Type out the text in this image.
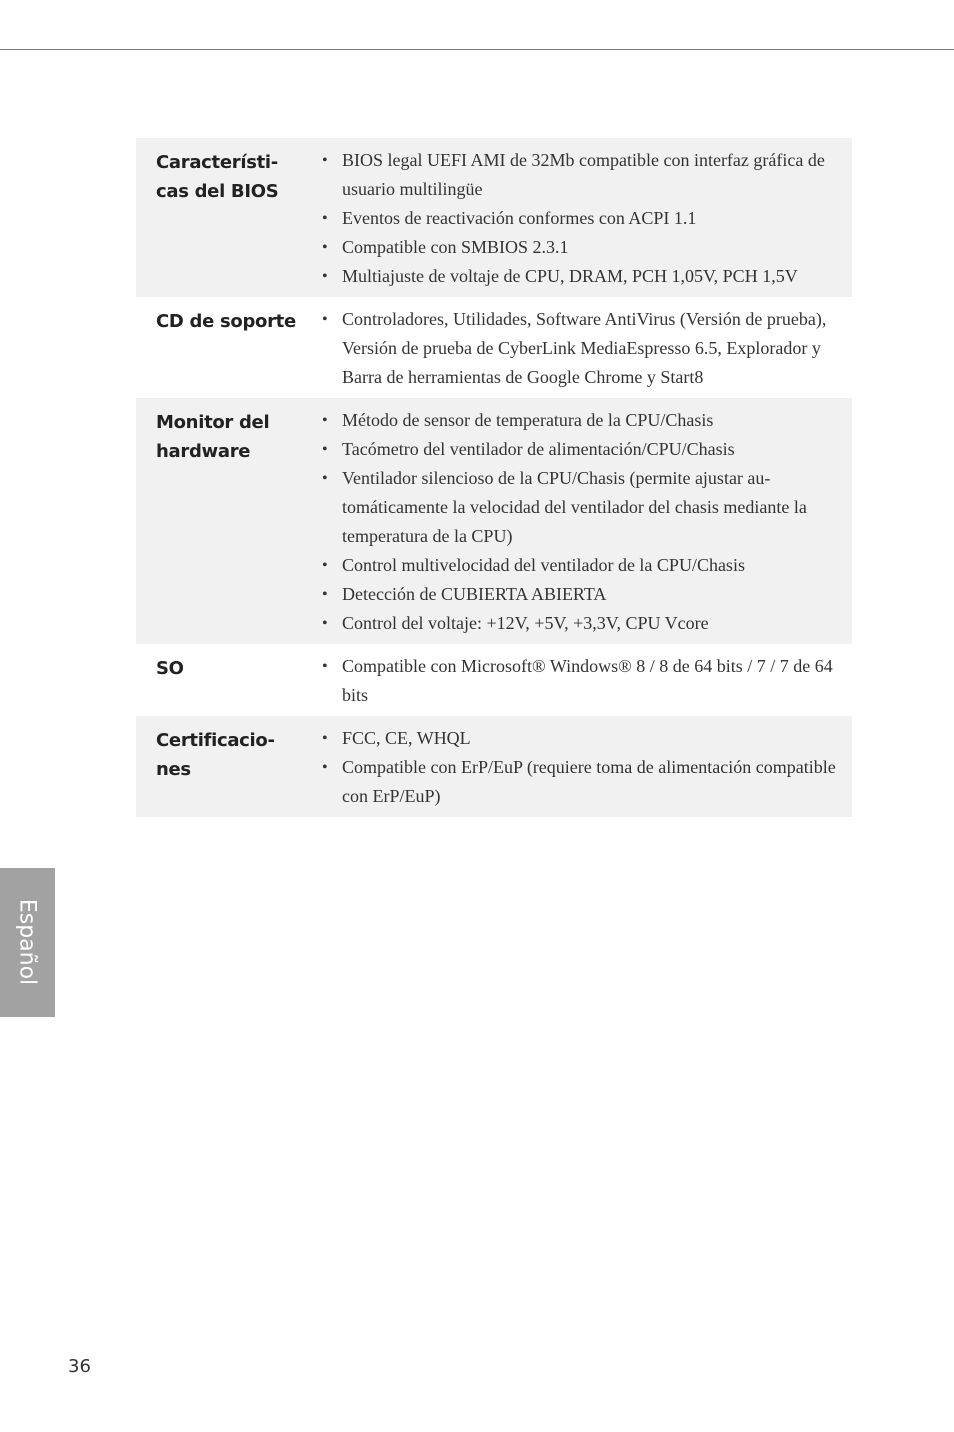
Característi-
cas del BIOS
• BIOS legal UEFI AMI de 32Mb compatible con interfaz gráfica de usuario multilingüe
• Eventos de reactivación conformes con ACPI 1.1
• Compatible con SMBIOS 2.3.1
• Multiajuste de voltaje de CPU, DRAM, PCH 1,05V, PCH 1,5V
CD de soporte	• Controladores, Utilidades, Software AntiVirus (Versión de prueba), Versión de prueba de CyberLink MediaEspresso 6.5, Explorador y Barra de herramientas de Google Chrome y Start8
Monitor del
hardware
• Método de sensor de temperatura de la CPU/Chasis
• Tacómetro del ventilador de alimentación/CPU/Chasis
• Ventilador silencioso de la CPU/Chasis (permite ajustar au-tomáticamente la velocidad del ventilador del chasis mediante la temperatura de la CPU)
• Control multivelocidad del ventilador de la CPU/Chasis
• Detección de CUBIERTA ABIERTA
• Control del voltaje: +12V, +5V, +3,3V, CPU Vcore
SO	• Compatible con Microsoft® Windows® 8 / 8 de 64 bits / 7 / 7 de 64 bits
Certificacio-
nes
• FCC, CE, WHQL
• Compatible con ErP/EuP (requiere toma de alimentación compatible con ErP/EuP)
Español
36
